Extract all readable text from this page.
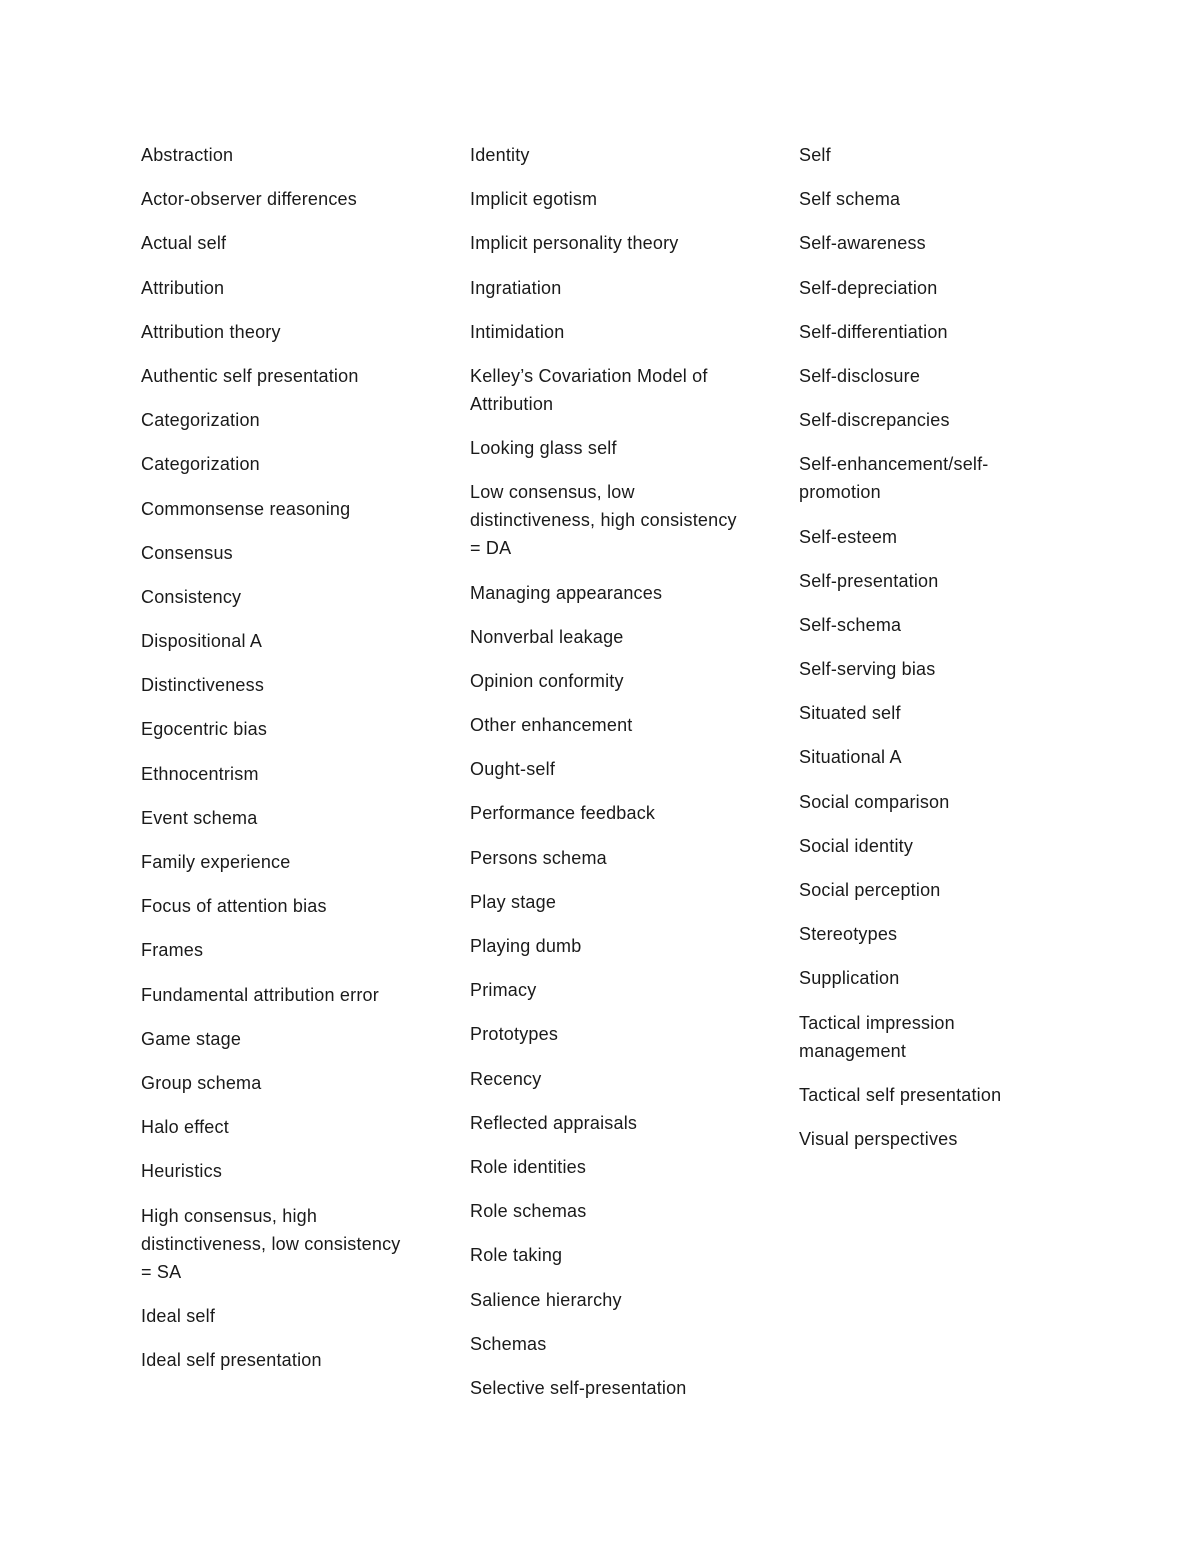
Abstraction
Actor-observer differences
Actual self
Attribution
Attribution theory
Authentic self presentation
Categorization
Categorization
Commonsense reasoning
Consensus
Consistency
Dispositional A
Distinctiveness
Egocentric bias
Ethnocentrism
Event schema
Family experience
Focus of attention bias
Frames
Fundamental attribution error
Game stage
Group schema
Halo effect
Heuristics
High consensus, high distinctiveness, low consistency = SA
Ideal self
Ideal self presentation
Identity
Implicit egotism
Implicit personality theory
Ingratiation
Intimidation
Kelley’s Covariation Model of Attribution
Looking glass self
Low consensus, low distinctiveness, high consistency = DA
Managing appearances
Nonverbal leakage
Opinion conformity
Other enhancement
Ought-self
Performance feedback
Persons schema
Play stage
Playing dumb
Primacy
Prototypes
Recency
Reflected appraisals
Role identities
Role schemas
Role taking
Salience hierarchy
Schemas
Selective self-presentation
Self
Self schema
Self-awareness
Self-depreciation
Self-differentiation
Self-disclosure
Self-discrepancies
Self-enhancement/self-promotion
Self-esteem
Self-presentation
Self-schema
Self-serving bias
Situated self
Situational A
Social comparison
Social identity
Social perception
Stereotypes
Supplication
Tactical impression management
Tactical self presentation
Visual perspectives
